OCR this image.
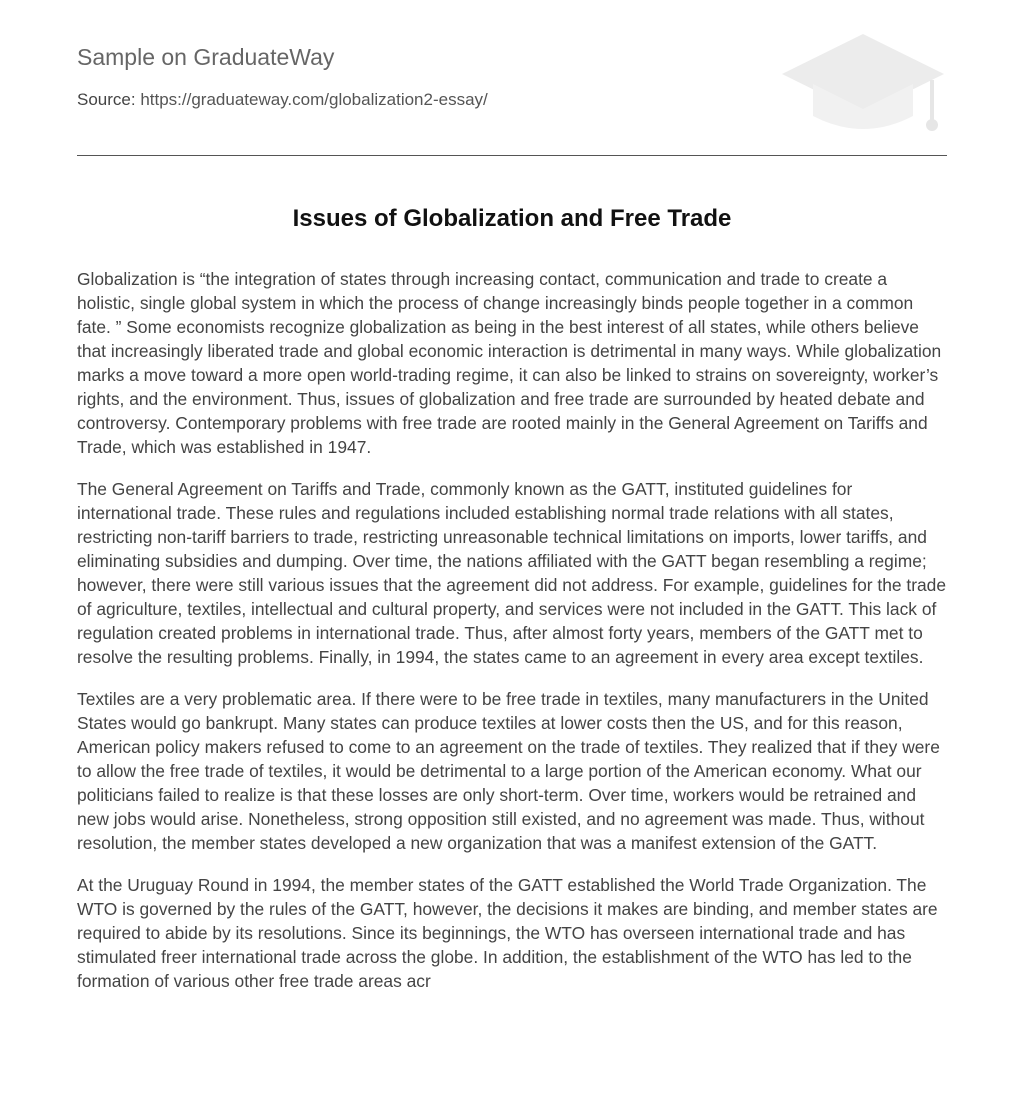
Sample on GraduateWay
Source: https://graduateway.com/globalization2-essay/
Issues of Globalization and Free Trade

Globalization is “the integration of states through increasing contact, communication and trade to create a holistic, single global system in which the process of change increasingly binds people together in a common fate. ” Some economists recognize globalization as being in the best interest of all states, while others believe that increasingly liberated trade and global economic interaction is detrimental in many ways. While globalization marks a move toward a more open world-trading regime, it can also be linked to strains on sovereignty, worker’s rights, and the environment. Thus, issues of globalization and free trade are surrounded by heated debate and controversy. Contemporary problems with free trade are rooted mainly in the General Agreement on Tariffs and Trade, which was established in 1947.

The General Agreement on Tariffs and Trade, commonly known as the GATT, instituted guidelines for international trade. These rules and regulations included establishing normal trade relations with all states, restricting non-tariff barriers to trade, restricting unreasonable technical limitations on imports, lower tariffs, and eliminating subsidies and dumping. Over time, the nations affiliated with the GATT began resembling a regime; however, there were still various issues that the agreement did not address. For example, guidelines for the trade of agriculture, textiles, intellectual and cultural property, and services were not included in the GATT. This lack of regulation created problems in international trade. Thus, after almost forty years, members of the GATT met to resolve the resulting problems. Finally, in 1994, the states came to an agreement in every area except textiles.

Textiles are a very problematic area. If there were to be free trade in textiles, many manufacturers in the United States would go bankrupt. Many states can produce textiles at lower costs then the US, and for this reason, American policy makers refused to come to an agreement on the trade of textiles. They realized that if they were to allow the free trade of textiles, it would be detrimental to a large portion of the American economy. What our politicians failed to realize is that these losses are only short-term. Over time, workers would be retrained and new jobs would arise. Nonetheless, strong opposition still existed, and no agreement was made. Thus, without resolution, the member states developed a new organization that was a manifest extension of the GATT.

At the Uruguay Round in 1994, the member states of the GATT established the World Trade Organization. The WTO is governed by the rules of the GATT, however, the decisions it makes are binding, and member states are required to abide by its resolutions. Since its beginnings, the WTO has overseen international trade and has stimulated freer international trade across the globe. In addition, the establishment of the WTO has led to the formation of various other free trade areas acr
